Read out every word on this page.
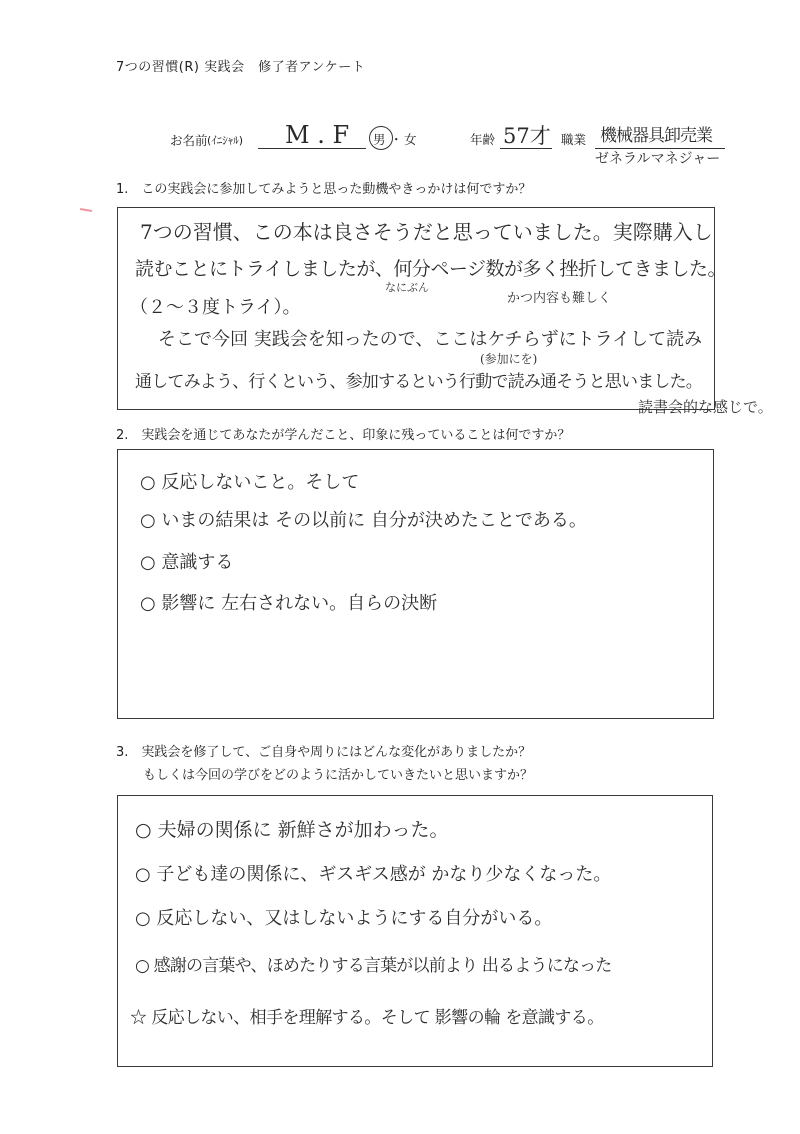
7つの習慣(R) 実践会　修了者アンケート
お名前 (ｲﾆｼｬﾙ) M . F 男 ・ 女	年齢 57才 職業 機械器具卸売業
ゼネラルマネジャー
1.　この実践会に参加してみようと思った動機やきっかけは何ですか？
7つの習慣、この本は良さそうだと思っていました。実際購入し
読むことにトライしましたが、何分ページ数が多く挫折してきました。
なにぶん
かつ内容も難しく
（２～３度トライ）。
そこで今回 実践会を知ったので、ここはケチらずにトライして読み
(参加にを)
通してみよう、行くという、参加するという行動で読み通そうと思いました。
読書会的な感じで。
2.　実践会を通じてあなたが学んだこと、印象に残っていることは何ですか？
○ 反応しないこと。そして
○ いまの結果は その以前に 自分が決めたことである。
○ 意識する
○ 影響に 左右されない。自らの決断
3.　実践会を修了して、ご自身や周りにはどんな変化がありましたか？
もしくは今回の学びをどのように活かしていきたいと思いますか？
○ 夫婦の関係に 新鮮さが加わった。
○ 子ども達の関係に、ギスギス感が かなり少なくなった。
○ 反応しない、又はしないようにする自分がいる。
○ 感謝の言葉や、ほめたりする言葉が以前より 出るようになった
☆ 反応しない、相手を理解する。そして 影響の輪 を意識する。
